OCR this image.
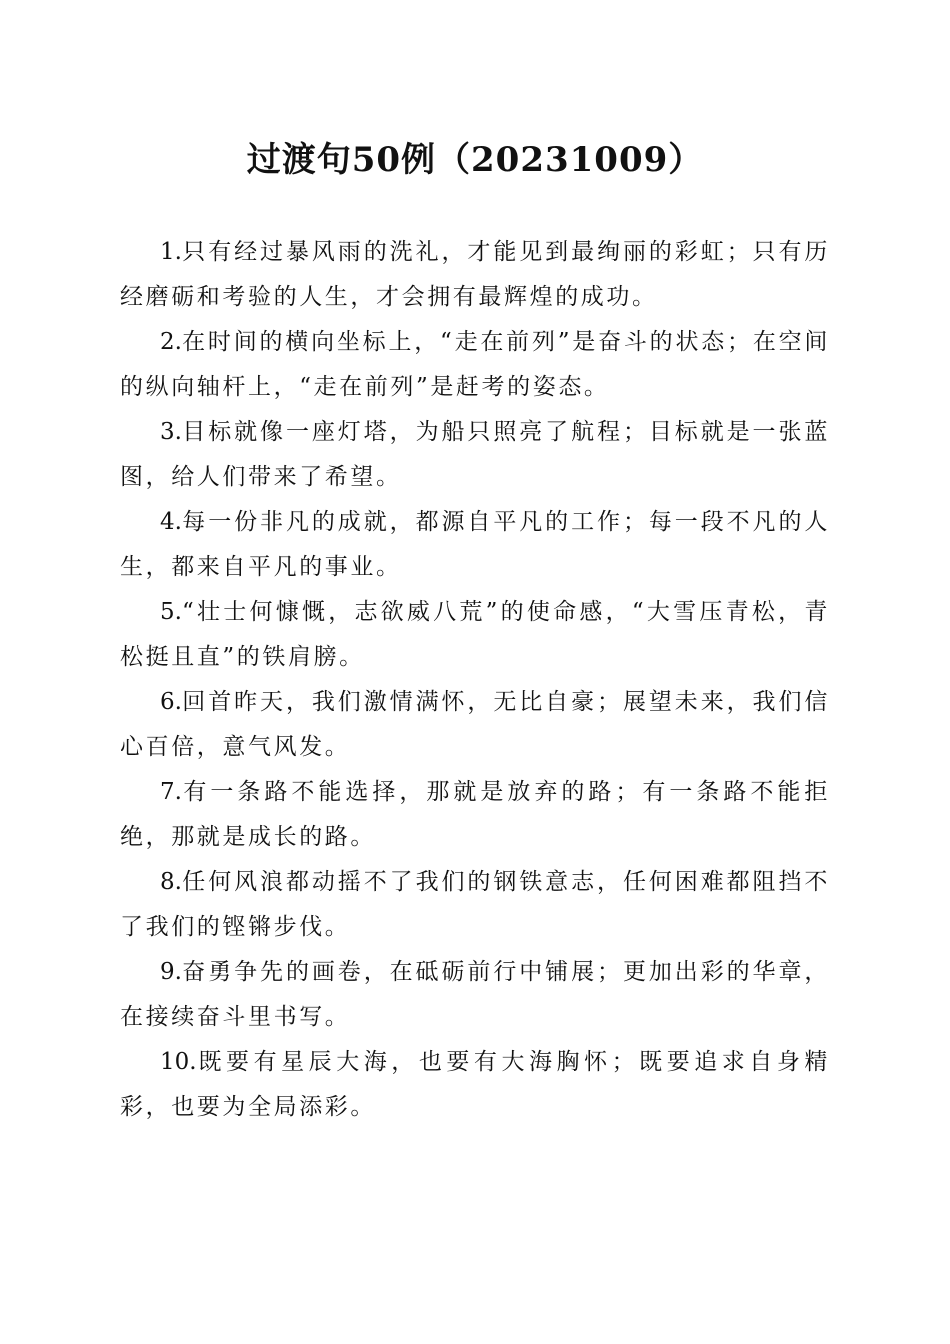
过渡句50例（20231009）

1.只有经过暴风雨的洗礼，才能见到最绚丽的彩虹；只有历经磨砺和考验的人生，才会拥有最辉煌的成功。

2.在时间的横向坐标上，“走在前列”是奋斗的状态；在空间的纵向轴杆上，“走在前列”是赶考的姿态。

3.目标就像一座灯塔，为船只照亮了航程；目标就是一张蓝图，给人们带来了希望。

4.每一份非凡的成就，都源自平凡的工作；每一段不凡的人生，都来自平凡的事业。

5.“壮士何慷慨，志欲威八荒”的使命感，“大雪压青松，青松挺且直”的铁肩膀。

6.回首昨天，我们激情满怀，无比自豪；展望未来，我们信心百倍，意气风发。

7.有一条路不能选择，那就是放弃的路；有一条路不能拒绝，那就是成长的路。

8.任何风浪都动摇不了我们的钢铁意志，任何困难都阻挡不了我们的铿锵步伐。

9.奋勇争先的画卷，在砥砺前行中铺展；更加出彩的华章，在接续奋斗里书写。

10.既要有星辰大海，也要有大海胸怀；既要追求自身精彩，也要为全局添彩。
